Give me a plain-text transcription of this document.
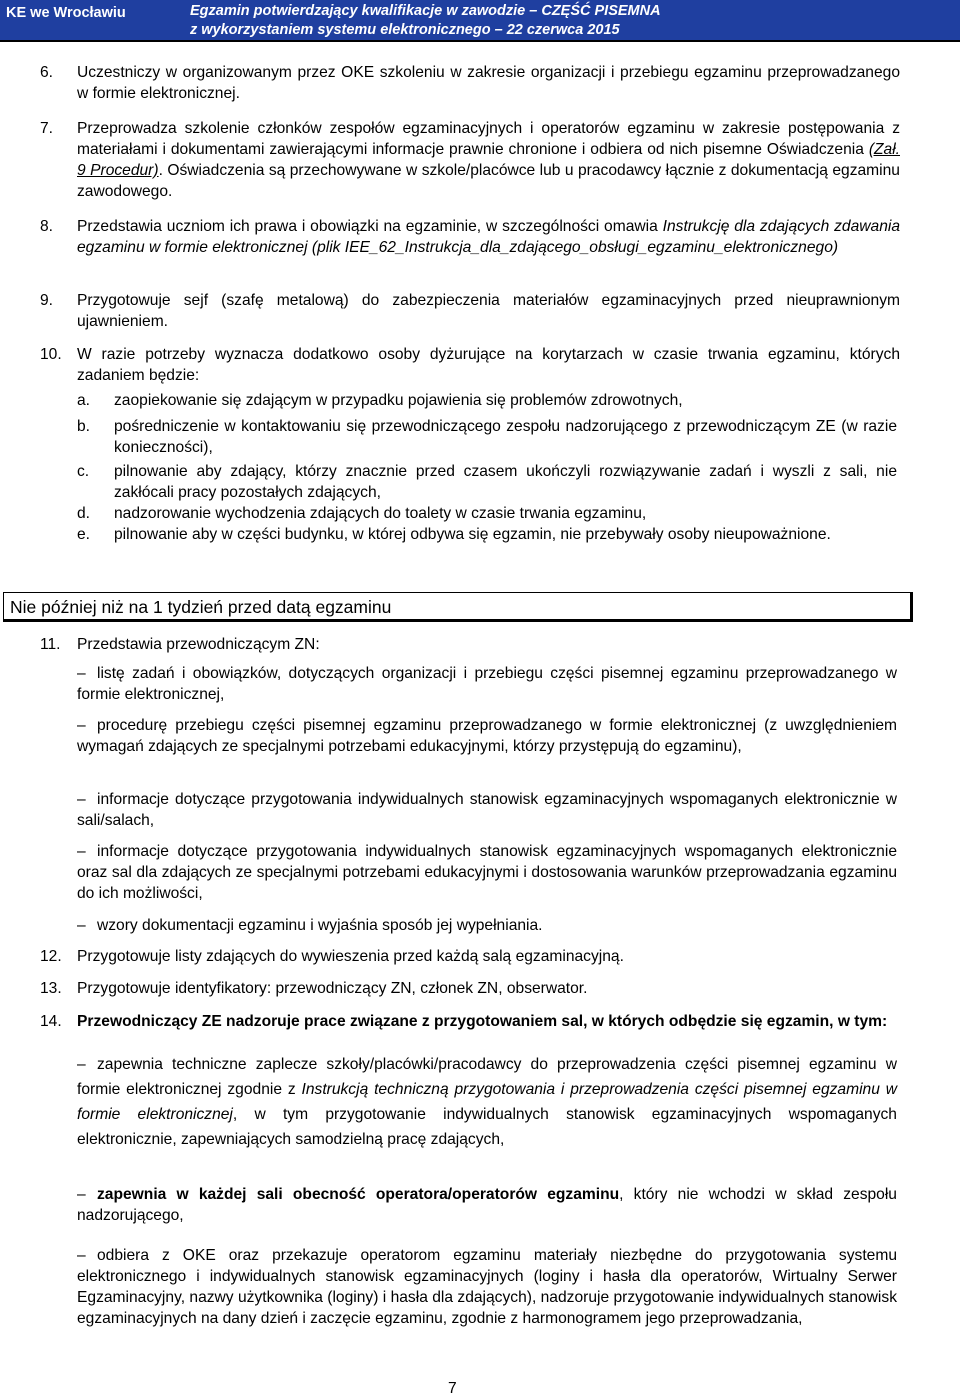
KE we Wrocławiu	Egzamin potwierdzający kwalifikacje w zawodzie – CZĘŚĆ PISEMNA
z wykorzystaniem systemu elektronicznego – 22 czerwca 2015
6. Uczestniczy w organizowanym przez OKE szkoleniu w zakresie organizacji i przebiegu egzaminu przeprowadzanego w formie elektronicznej.
7. Przeprowadza szkolenie członków zespołów egzaminacyjnych i operatorów egzaminu w zakresie postępowania z materiałami i dokumentami zawierającymi informacje prawnie chronione i odbiera od nich pisemne Oświadczenia (Zał. 9 Procedur). Oświadczenia są przechowywane w szkole/placówce lub u pracodawcy łącznie z dokumentacją egzaminu zawodowego.
8. Przedstawia uczniom ich prawa i obowiązki na egzaminie, w szczególności omawia Instrukcję dla zdających zdawania egzaminu w formie elektronicznej (plik IEE_62_Instrukcja_dla_zdającego_obsługi_egzaminu_elektronicznego)
9. Przygotowuje sejf (szafę metalową) do zabezpieczenia materiałów egzaminacyjnych przed nieuprawnionym ujawnieniem.
10. W razie potrzeby wyznacza dodatkowo osoby dyżurujące na korytarzach w czasie trwania egzaminu, których zadaniem będzie:
a. zaopiekowanie się zdającym w przypadku pojawienia się problemów zdrowotnych,
b. pośredniczenie w kontaktowaniu się przewodniczącego zespołu nadzorującego z przewodniczącym ZE (w razie konieczności),
c. pilnowanie aby zdający, którzy znacznie przed czasem ukończyli rozwiązywanie zadań i wyszli z sali, nie zakłócali pracy pozostałych zdających,
d. nadzorowanie wychodzenia zdających do toalety w czasie trwania egzaminu,
e. pilnowanie aby w części budynku, w której odbywa się egzamin, nie przebywały osoby nieupoważnione.
Nie później niż na 1 tydzień przed datą egzaminu
11. Przedstawia przewodniczącym ZN:
– listę zadań i obowiązków, dotyczących organizacji i przebiegu części pisemnej egzaminu przeprowadzanego w formie elektronicznej,
– procedurę przebiegu części pisemnej egzaminu przeprowadzanego w formie elektronicznej (z uwzględnieniem wymagań zdających ze specjalnymi potrzebami edukacyjnymi, którzy przystępują do egzaminu),
– informacje dotyczące przygotowania indywidualnych stanowisk egzaminacyjnych wspomaganych elektronicznie w sali/salach,
– informacje dotyczące przygotowania indywidualnych stanowisk egzaminacyjnych wspomaganych elektronicznie oraz sal dla zdających ze specjalnymi potrzebami edukacyjnymi i dostosowania warunków przeprowadzania egzaminu do ich możliwości,
– wzory dokumentacji egzaminu i wyjaśnia sposób jej wypełniania.
12. Przygotowuje listy zdających do wywieszenia przed każdą salą egzaminacyjną.
13. Przygotowuje identyfikatory: przewodniczący ZN, członek ZN, obserwator.
14. Przewodniczący ZE nadzoruje prace związane z przygotowaniem sal, w których odbędzie się egzamin, w tym:
– zapewnia techniczne zaplecze szkoły/placówki/pracodawcy do przeprowadzenia części pisemnej egzaminu w formie elektronicznej zgodnie z Instrukcją techniczną przygotowania i przeprowadzenia części pisemnej egzaminu w formie elektronicznej, w tym przygotowanie indywidualnych stanowisk egzaminacyjnych wspomaganych elektronicznie, zapewniających samodzielną pracę zdających,
– zapewnia w każdej sali obecność operatora/operatorów egzaminu, który nie wchodzi w skład zespołu nadzorującego,
– odbiera z OKE oraz przekazuje operatorom egzaminu materiały niezbędne do przygotowania systemu elektronicznego i indywidualnych stanowisk egzaminacyjnych (loginy i hasła dla operatorów, Wirtualny Serwer Egzaminacyjny, nazwy użytkownika (loginy) i hasła dla zdających), nadzoruje przygotowanie indywidualnych stanowisk egzaminacyjnych na dany dzień i zaczęcie egzaminu, zgodnie z harmonogramem jego przeprowadzania,
7
